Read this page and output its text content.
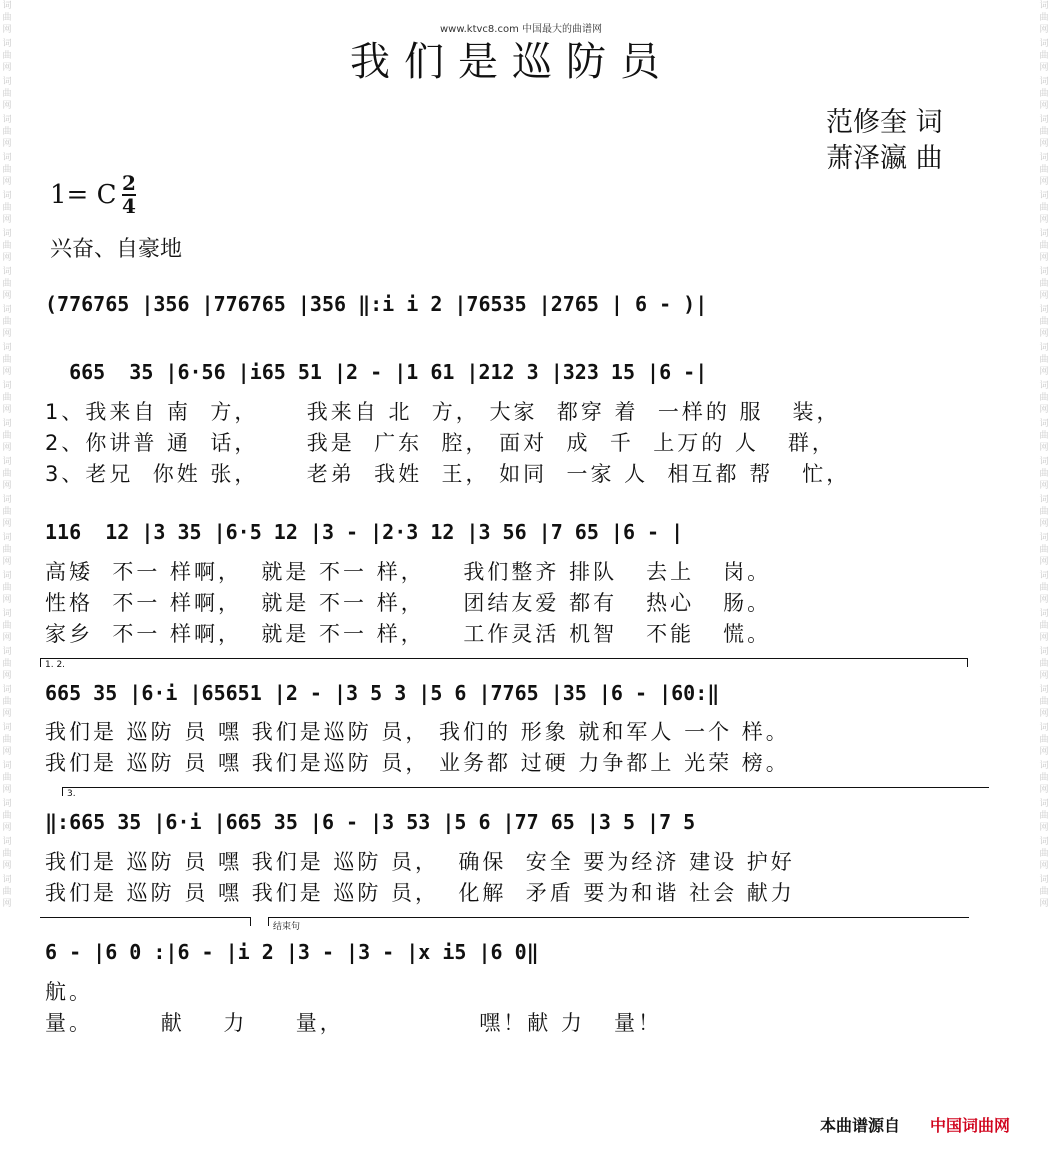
词曲网
词曲网
词曲网
词曲网
词曲网
词曲网
词曲网
词曲网
词曲网
词曲网
词曲网
词曲网
词曲网
词曲网
词曲网
词曲网
词曲网
词曲网
词曲网
词曲网
词曲网
词曲网
词曲网
词曲网
词曲网
词曲网
词曲网
词曲网
词曲网
词曲网
词曲网
词曲网
词曲网
词曲网
词曲网
词曲网
词曲网
词曲网
词曲网
词曲网
词曲网
词曲网
词曲网
词曲网
词曲网
词曲网
词曲网
词曲网
www.ktvc8.com 中国最大的曲谱网
我们是巡防员
范修奎 词
萧泽瀛 曲
1= C 2
4
兴奋、自豪地
(776765 |356 |776765 |356 ‖:i i 2 |76535 |2765 | 6 - )|
665  35 |6·56 |i65 51 |2 - |1 61 |212 3 |323 15 |6 -|
1、我来自 南  方，     我来自 北  方， 大家  都穿 着  一样的 服   装，
2、你讲普 通  话，     我是  广东  腔， 面对  成  千  上万的 人   群，
3、老兄  你姓 张，     老弟  我姓  王， 如同  一家 人  相互都 帮   忙，
116  12 |3 35 |6·5 12 |3 - |2·3 12 |3 56 |7 65 |6 - |
高矮  不一 样啊，  就是 不一 样，    我们整齐 排队   去上   岗。
性格  不一 样啊，  就是 不一 样，    团结友爱 都有   热心   肠。
家乡  不一 样啊，  就是 不一 样，    工作灵活 机智   不能   慌。
1. 2.
665 35 |6·i |65651 |2 - |3 5 3 |5 6 |7765 |35 |6 - |60:‖
我们是 巡防 员 嘿 我们是巡防 员， 我们的 形象 就和军人 一个 样。
我们是 巡防 员 嘿 我们是巡防 员， 业务都 过硬 力争都上 光荣 榜。
3.
‖:665 35 |6·i |665 35 |6 - |3 53 |5 6 |77 65 |3 5 |7 5
我们是 巡防 员 嘿 我们是 巡防 员，  确保  安全 要为经济 建设 护好
我们是 巡防 员 嘿 我们是 巡防 员，  化解  矛盾 要为和谐 社会 献力
结束句
6 - |6 0 :|6 - |i 2 |3 - |3 - |x i5 |6 0‖
航。
量。       献    力     量，              嘿！献 力   量！
本曲谱源自 中国词曲网
